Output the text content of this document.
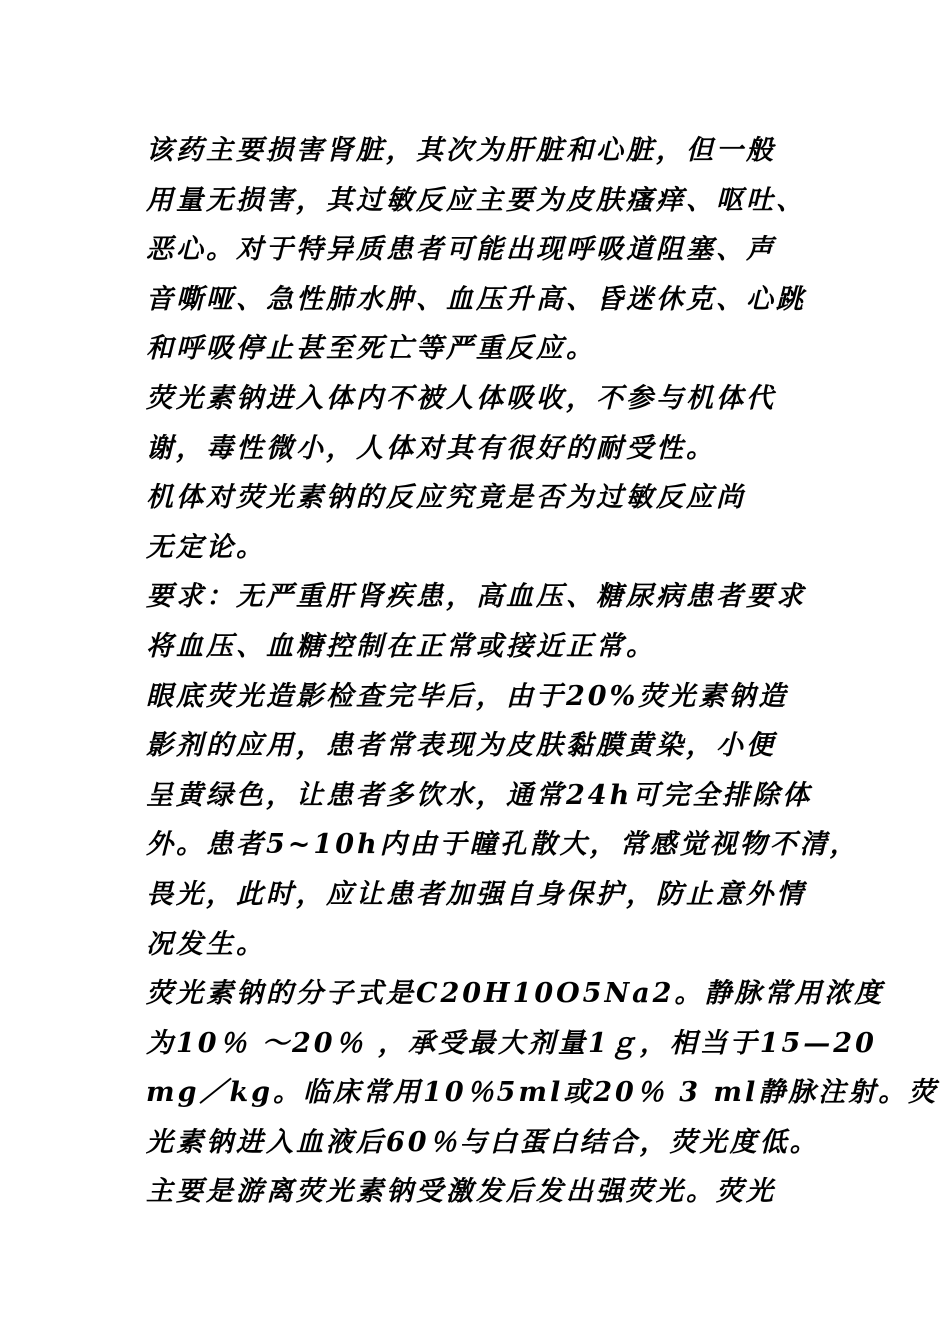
该药主要损害肾脏，其次为肝脏和心脏，但一般
用量无损害，其过敏反应主要为皮肤瘙痒、呕吐、
恶心。对于特异质患者可能出现呼吸道阻塞、声
音嘶哑、急性肺水肿、血压升高、昏迷休克、心跳
和呼吸停止甚至死亡等严重反应。
荧光素钠进入体内不被人体吸收，不参与机体代
谢，毒性微小，人体对其有很好的耐受性。
机体对荧光素钠的反应究竟是否为过敏反应尚
无定论。
要求：无严重肝肾疾患，高血压、糖尿病患者要求
将血压、血糖控制在正常或接近正常。
眼底荧光造影检查完毕后，由于20%荧光素钠造
影剂的应用，患者常表现为皮肤黏膜黄染，小便
呈黄绿色，让患者多饮水，通常24h可完全排除体
外。患者5~10h内由于瞳孔散大，常感觉视物不清，
畏光，此时，应让患者加强自身保护，防止意外情
况发生。
荧光素钠的分子式是C20H10O5Na2。静脉常用浓度
为10％ ～20％ ，承受最大剂量1ｇ，相当于15—20
mg／kg。临床常用10％5ml或20％ 3 ml静脉注射。荧
光素钠进入血液后60％与白蛋白结合，荧光度低。
主要是游离荧光素钠受激发后发出强荧光。荧光
